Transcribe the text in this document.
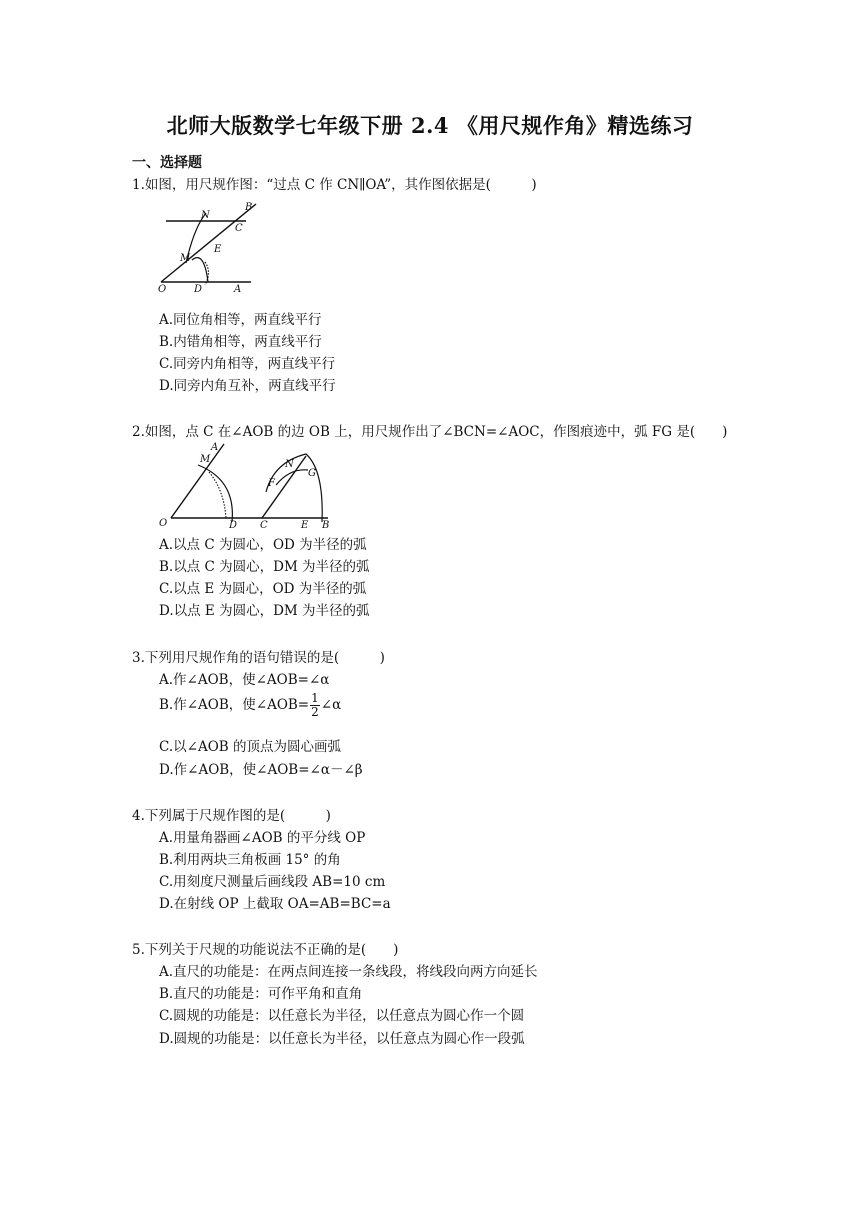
北师大版数学七年级下册 2.4 《用尺规作角》精选练习
一、选择题
1.如图，用尺规作图：“过点 C 作 CN∥OA”，其作图依据是(　　　)
N
B
C
E
M
O	D	A
A.同位角相等，两直线平行
B.内错角相等，两直线平行
C.同旁内角相等，两直线平行
D.同旁内角互补，两直线平行
2.如图，点 C 在∠AOB 的边 OB 上，用尺规作出了∠BCN=∠AOC，作图痕迹中，弧 FG 是(　　)
A
M	N
G
F
O	D C	E B
A.以点 C 为圆心，OD 为半径的弧
B.以点 C 为圆心，DM 为半径的弧
C.以点 E 为圆心，OD 为半径的弧
D.以点 E 为圆心，DM 为半径的弧
3.下列用尺规作角的语句错误的是(　　　)
A.作∠AOB，使∠AOB=∠α
B.作∠AOB，使∠AOB= $\frac{1}{2}$ ∠α
C.以∠AOB 的顶点为圆心画弧
D.作∠AOB，使∠AOB=∠α－∠β
4.下列属于尺规作图的是(　　　)
A.用量角器画∠AOB 的平分线 OP
B.利用两块三角板画 15° 的角
C.用刻度尺测量后画线段 AB=10 cm
D.在射线 OP 上截取 OA=AB=BC=a
5.下列关于尺规的功能说法不正确的是(　　)
A.直尺的功能是：在两点间连接一条线段，将线段向两方向延长
B.直尺的功能是：可作平角和直角
C.圆规的功能是：以任意长为半径，以任意点为圆心作一个圆
D.圆规的功能是：以任意长为半径，以任意点为圆心作一段弧
